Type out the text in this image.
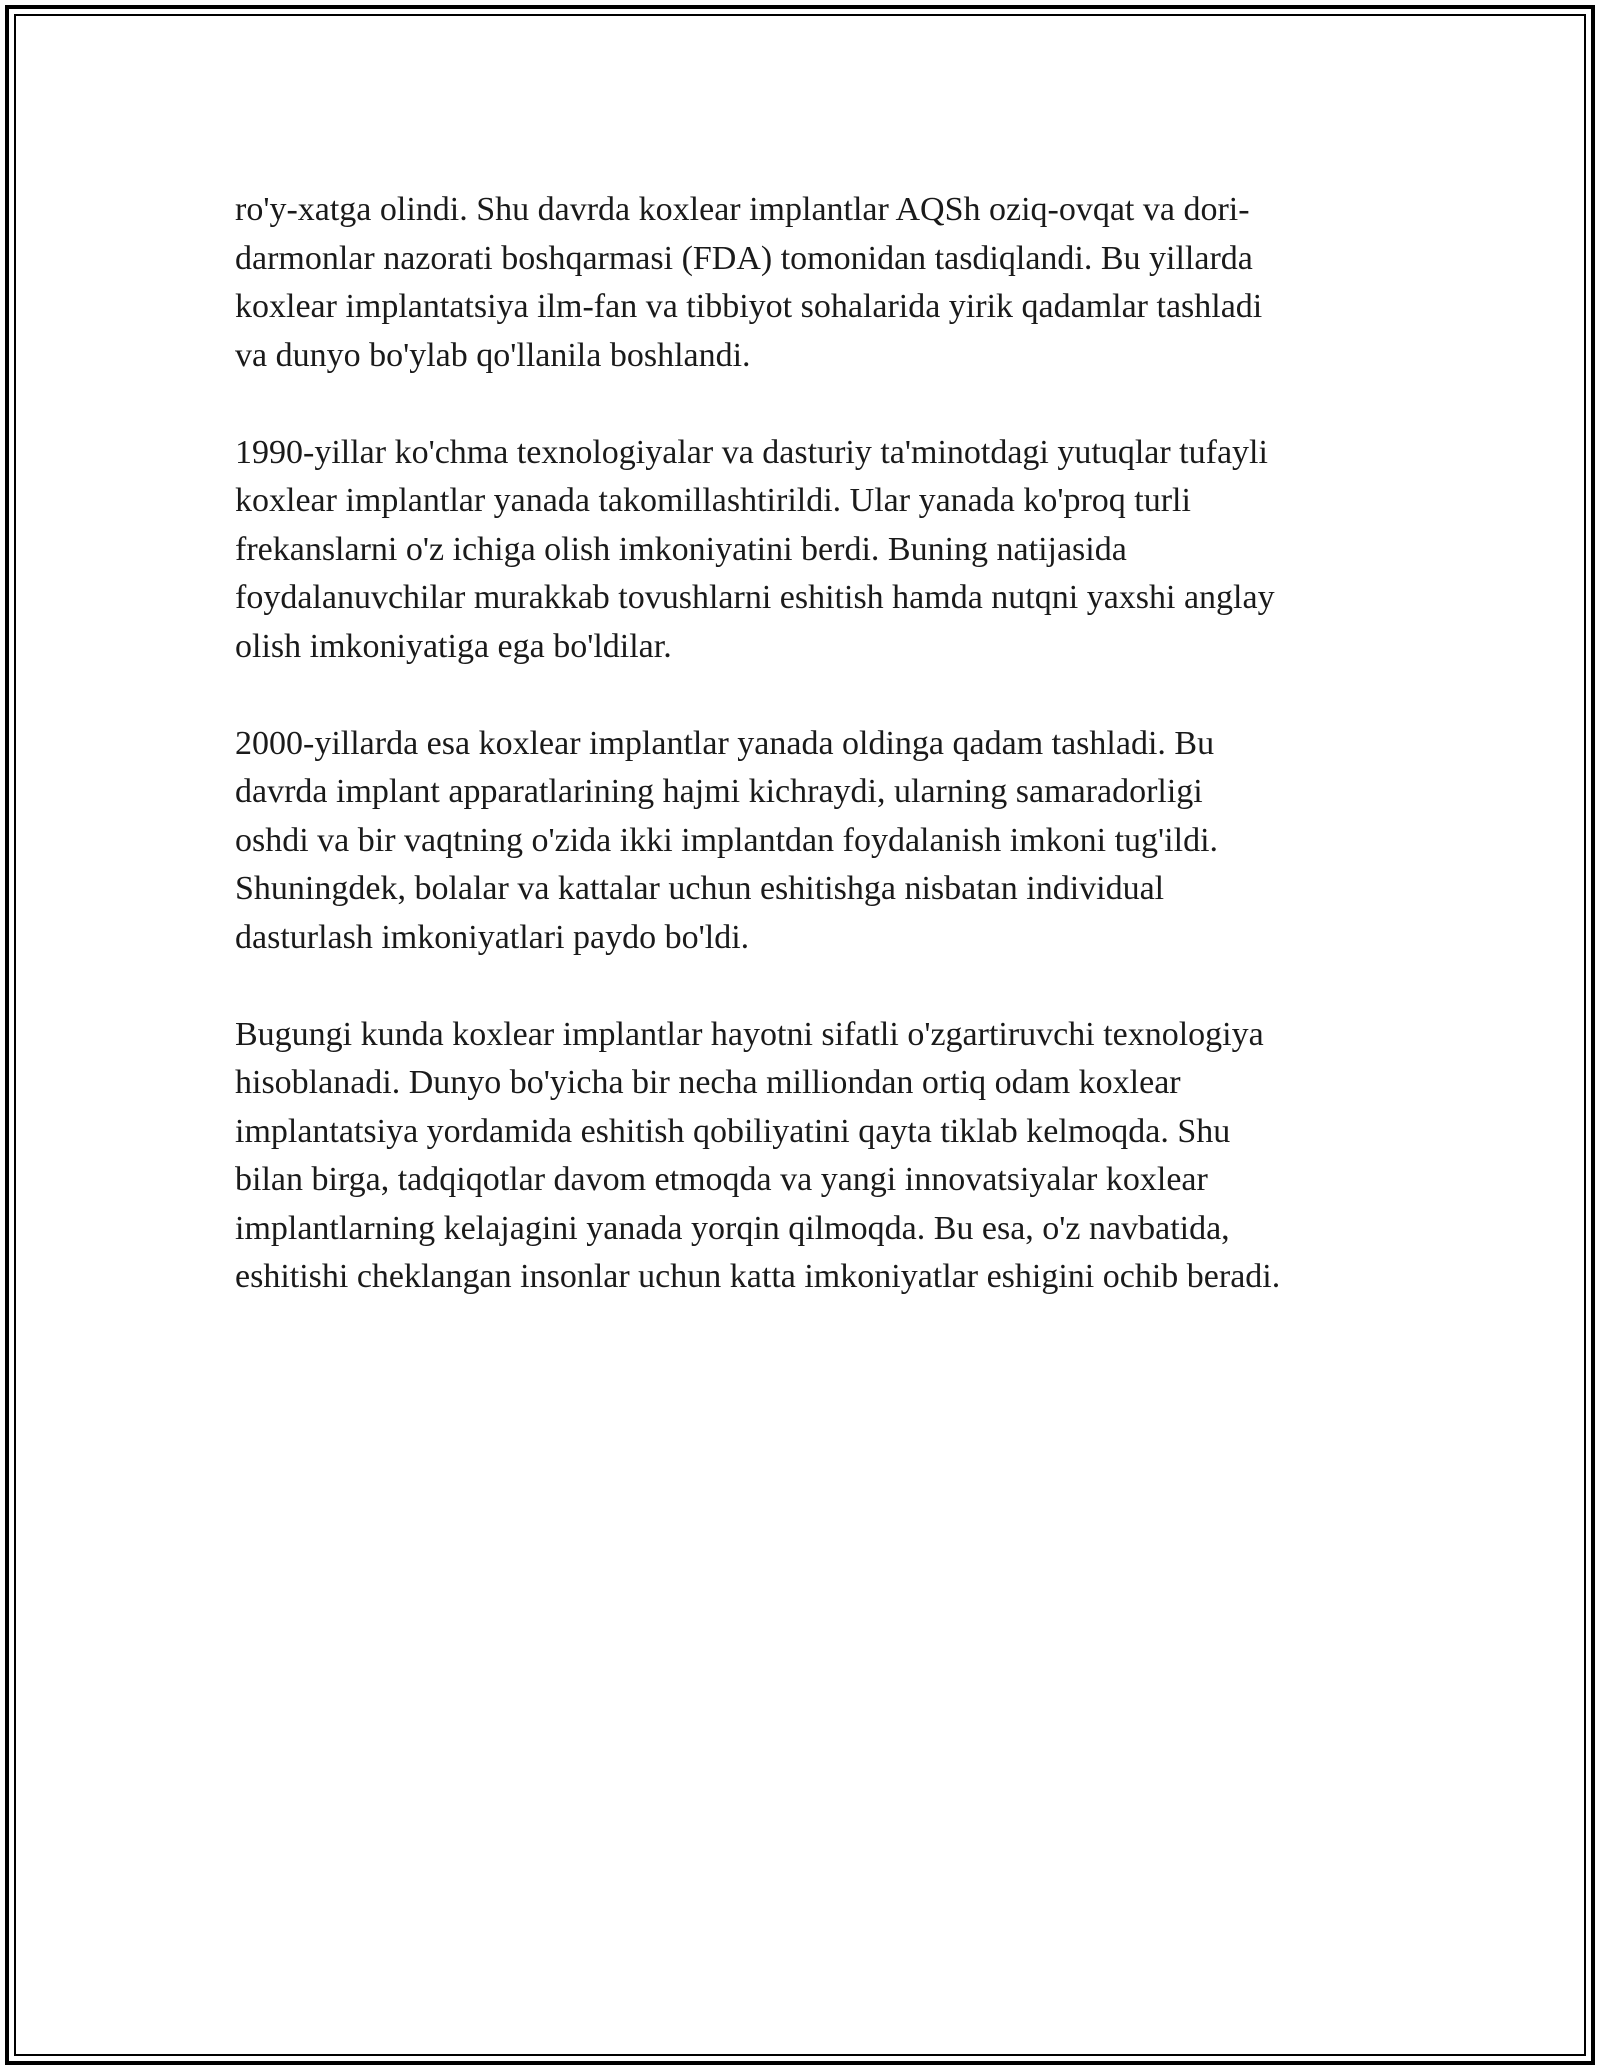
ro'y-xatga olindi. Shu davrda koxlear implantlar AQSh oziq-ovqat va dori-
darmonlar nazorati boshqarmasi (FDA) tomonidan tasdiqlandi. Bu yillarda
koxlear implantatsiya ilm-fan va tibbiyot sohalarida yirik qadamlar tashladi
va dunyo bo'ylab qo'llanila boshlandi.

1990-yillar ko'chma texnologiyalar va dasturiy ta'minotdagi yutuqlar tufayli
koxlear implantlar yanada takomillashtirildi. Ular yanada ko'proq turli
frekanslarni o'z ichiga olish imkoniyatini berdi. Buning natijasida
foydalanuvchilar murakkab tovushlarni eshitish hamda nutqni yaxshi anglay
olish imkoniyatiga ega bo'ldilar.

2000-yillarda esa koxlear implantlar yanada oldinga qadam tashladi. Bu
davrda implant apparatlarining hajmi kichraydi, ularning samaradorligi
oshdi va bir vaqtning o'zida ikki implantdan foydalanish imkoni tug'ildi.
Shuningdek, bolalar va kattalar uchun eshitishga nisbatan individual
dasturlash imkoniyatlari paydo bo'ldi.

Bugungi kunda koxlear implantlar hayotni sifatli o'zgartiruvchi texnologiya
hisoblanadi. Dunyo bo'yicha bir necha milliondan ortiq odam koxlear
implantatsiya yordamida eshitish qobiliyatini qayta tiklab kelmoqda. Shu
bilan birga, tadqiqotlar davom etmoqda va yangi innovatsiyalar koxlear
implantlarning kelajagini yanada yorqin qilmoqda. Bu esa, o'z navbatida,
eshitishi cheklangan insonlar uchun katta imkoniyatlar eshigini ochib beradi.
